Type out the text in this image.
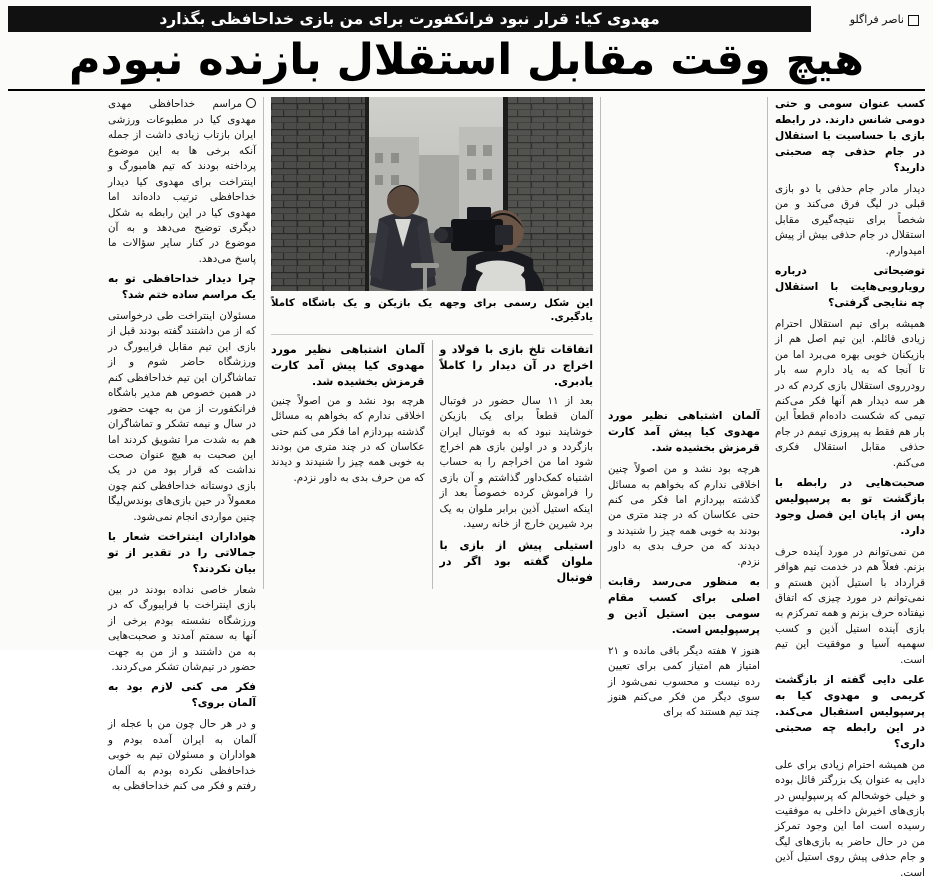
مهدوی کیا: قرار نبود فرانکفورت برای من بازی خداحافظی بگذارد	ناصر فراگلو
هیچ وقت مقابل استقلال بازنده نبودم
کسب عنوان سومی و حتی دومی شانس دارند. در رابطه بازی با حساسیت با استقلال در جام حذفی چه صحبتی دارید؟

دیدار مادر جام حذفی با دو بازی قبلی در لیگ فرق می‌کند و من شخصاً برای نتیجه‌گیری مقابل استقلال در جام حذفی بیش از پیش امیدوارم.

توضیحاتی درباره رویارویی‌هایت با استقلال چه نتایجی گرفتی؟

همیشه برای تیم استقلال احترام زیادی قائلم. این تیم اصل هم از بازیکنان خوبی بهره می‌برد اما من تا آنجا که به یاد دارم سه بار رودرروی استقلال بازی کردم که در هر سه دیدار هم آنها فکر می‌کنم تیمی که شکست داده‌ام قطعاً این بار هم فقط به پیروزی تیمم در جام حذفی مقابل استقلال فکری می‌کنم.

صحبت‌هایی در رابطه با بازگشت تو به پرسپولیس پس از پایان این فصل وجود دارد.

من نمی‌توانم در مورد آینده حرف بزنم. فعلاً هم در خدمت تیم هوافر قرارداد با استیل آذین هستم و نمی‌توانم در مورد چیزی که اتفاق نیفتاده حرف بزنم و همه تمرکزم به بازی آینده استیل آذین و کسب سهمیه آسیا و موفقیت این تیم است.

علی دایی گفته از بازگشت کریمی و مهدوی کیا به پرسپولیس استقبال می‌کند. در این رابطه چه صحبتی داری؟

من همیشه احترام زیادی برای علی دایی به عنوان یک بزرگتر قائل بوده و خیلی خوشحالم که پرسپولیس در بازی‌های اخیرش داخلی به موفقیت رسیده است اما این وجود تمرکز من در حال حاضر به بازی‌های لیگ و جام حذفی پیش روی استیل آذین است.

آلمان اشتباهی نظیر مورد مهدوی کیا پیش آمد کارت قرمزش بخشیده شد.

هرچه بود نشد و من اصولاً چنین اخلاقی ندارم که بخواهم به مسائل گذشته بپردازم اما فکر می کنم حتی عکاسان که در چند متری من بودند به خوبی همه چیز را شنیدند و دیدند که من حرف بدی به داور نزدم.

به منظور می‌رسد رقابت اصلی برای کسب مقام سومی بین استیل آذین و پرسپولیس است.

هنوز ۷ هفته دیگر باقی مانده و ۲۱ امتیاز هم امتیاز کمی برای تعیین رده نیست و محسوب نمی‌شود از سوی دیگر من فکر می‌کنم هنوز چند تیم هستند که برای

این شکل رسمی برای وجهه یک بازیکن و یک باشگاه کاملاً یادگیری.
اتفاقات تلخ بازی با فولاد و اخراج در آن دیدار را کاملاً یادبری.

بعد از ۱۱ سال حضور در فوتبال آلمان قطعاً برای یک بازیکن خوشایند نبود که به فوتبال ایران بازگردد و در اولین بازی هم اخراج شود اما من اخراجم را به حساب اشتباه کمک‌داور گذاشتم و آن بازی را فراموش کرده خصوصاً بعد از اینکه استیل آذین برابر ملوان به یک برد شیرین خارج از خانه رسید.

استیلی پیش از بازی با ملوان گفته بود اگر در فوتبال
آلمان اشتباهی نظیر مورد مهدوی کیا پیش آمد کارت قرمزش بخشیده شد.

هرچه بود نشد و من اصولاً چنین اخلاقی ندارم که بخواهم به مسائل گذشته بپردازم اما فکر می کنم حتی عکاسان که در چند متری من بودند به خوبی همه چیز را شنیدند و دیدند که من حرف بدی به داور نزدم.

مراسم خداحافظی مهدی مهدوی کیا در مطبوعات ورزشی ایران بازتاب زیادی داشت از جمله آنکه برخی ها به این موضوع پرداخته بودند که تیم هامبورگ و اینتراخت برای مهدوی کیا دیدار خداحافظی ترتیب داده‌اند اما مهدوی کیا در این رابطه به شکل دیگری توضیح می‌دهد و به آن موضوع در کنار سایر سؤالات ما پاسخ می‌دهد.

چرا دیدار خداحافظی تو به یک مراسم ساده ختم شد؟

مسئولان اینتراخت طی درخواستی که از من داشتند گفته بودند قبل از بازی این تیم مقابل فرایبورگ در ورزشگاه حاضر شوم و از تماشاگران این تیم خداحافظی کنم در همین خصوص هم مدیر باشگاه فرانکفورت از من به جهت حضور در سال و نیمه تشکر و تماشاگران هم به شدت مرا تشویق کردند اما این صحبت به هیچ عنوان صحت نداشت که قرار بود من در یک بازی دوستانه خداحافظی کنم چون معمولاً در حین بازی‌های بوندس‌لیگا چنین مواردی انجام نمی‌شود.

هواداران اینتراخت شعار با جمالاتی را در تقدیر از تو بیان نکردند؟

شعار خاصی نداده بودند در بین بازی اینتراخت با فرایبورگ که در ورزشگاه نشسته بودم برخی از آنها به سمتم آمدند و صحبت‌هایی به من داشتند و از من به جهت حضور در تیم‌شان تشکر می‌کردند.

فکر می کنی لازم بود به آلمان بروی؟

و در هر حال چون من با عجله از آلمان به ایران آمده بودم و هواداران و مسئولان تیم به خوبی خداحافظی نکرده بودم به آلمان رفتم و فکر می کنم خداحافظی به
